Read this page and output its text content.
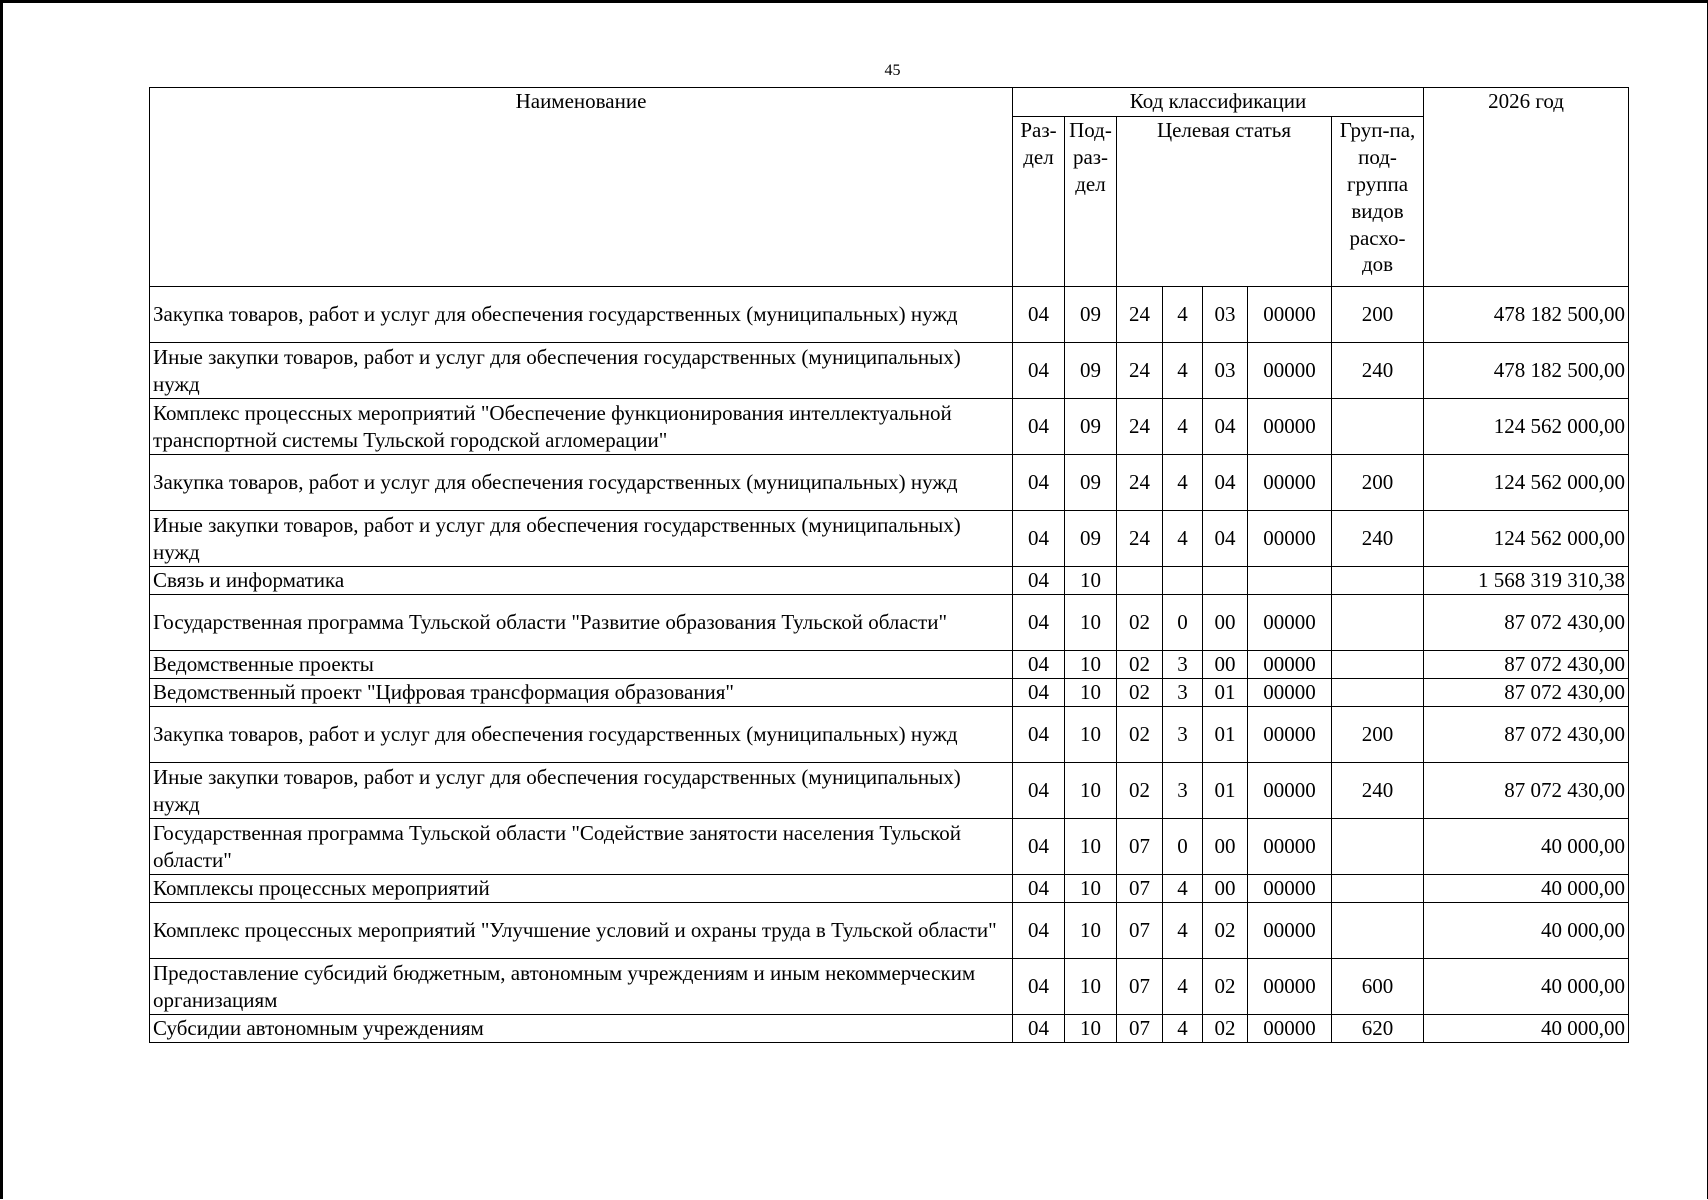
45
Наименование	Код классификации							2026 год
	Раз-дел	Под-раз-дел	Целевая статья				Груп-па, под-группа видов расхо-дов	
Закупка товаров, работ и услуг для обеспечения государственных (муниципальных) нужд	04	09	24	4	03	00000	200	478 182 500,00
Иные закупки товаров, работ и услуг для обеспечения государственных (муниципальных) нужд	04	09	24	4	03	00000	240	478 182 500,00
Комплекс процессных мероприятий "Обеспечение функционирования интеллектуальной транспортной системы Тульской городской агломерации"	04	09	24	4	04	00000		124 562 000,00
Закупка товаров, работ и услуг для обеспечения государственных (муниципальных) нужд	04	09	24	4	04	00000	200	124 562 000,00
Иные закупки товаров, работ и услуг для обеспечения государственных (муниципальных) нужд	04	09	24	4	04	00000	240	124 562 000,00
Связь и информатика	04	10						1 568 319 310,38
Государственная программа Тульской области "Развитие образования Тульской области"	04	10	02	0	00	00000		87 072 430,00
Ведомственные проекты	04	10	02	3	00	00000		87 072 430,00
Ведомственный проект "Цифровая трансформация образования"	04	10	02	3	01	00000		87 072 430,00
Закупка товаров, работ и услуг для обеспечения государственных (муниципальных) нужд	04	10	02	3	01	00000	200	87 072 430,00
Иные закупки товаров, работ и услуг для обеспечения государственных (муниципальных) нужд	04	10	02	3	01	00000	240	87 072 430,00
Государственная программа Тульской области "Содействие занятости населения Тульской области"	04	10	07	0	00	00000		40 000,00
Комплексы процессных мероприятий	04	10	07	4	00	00000		40 000,00
Комплекс процессных мероприятий "Улучшение условий и охраны труда в Тульской области"	04	10	07	4	02	00000		40 000,00
Предоставление субсидий бюджетным, автономным учреждениям и иным некоммерческим организациям	04	10	07	4	02	00000	600	40 000,00
Субсидии автономным учреждениям	04	10	07	4	02	00000	620	40 000,00
